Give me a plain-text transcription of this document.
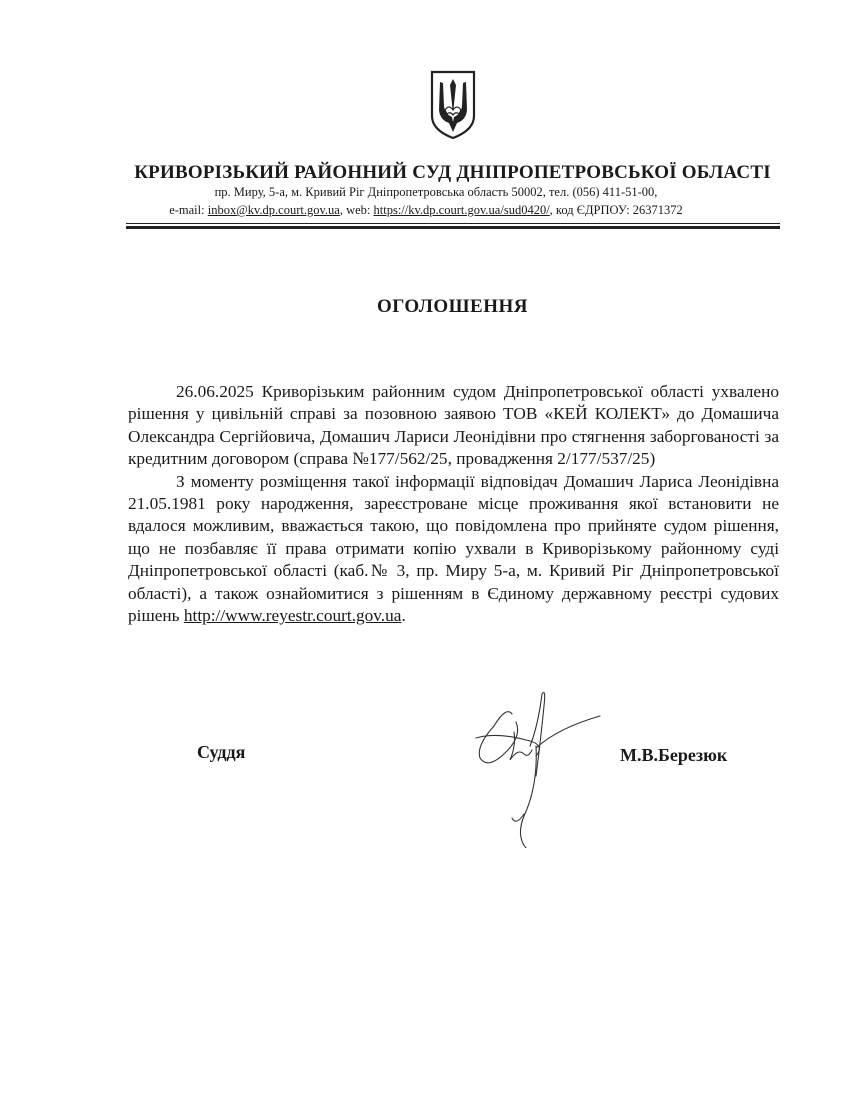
КРИВОРІЗЬКИЙ РАЙОННИЙ СУД ДНІПРОПЕТРОВСЬКОЇ ОБЛАСТІ
пр. Миру, 5-а, м. Кривий Ріг Дніпропетровська область 50002, тел. (056) 411-51-00,
e-mail: inbox@kv.dp.court.gov.ua, web: https://kv.dp.court.gov.ua/sud0420/, код ЄДРПОУ: 26371372
ОГОЛОШЕННЯ

26.06.2025 Криворізьким районним судом Дніпропетровської області ухвалено рішення у цивільній справі за позовною заявою ТОВ «КЕЙ КОЛЕКТ» до Домашича Олександра Сергійовича, Домашич Лариси Леонідівни про стягнення заборгованості за кредитним договором (справа №177/562/25, провадження 2/177/537/25)

З моменту розміщення такої інформації відповідач Домашич Лариса Леонідівна 21.05.1981 року народження, зареєстроване місце проживання якої встановити не вдалося можливим, вважається такою, що повідомлена про прийняте судом рішення, що не позбавляє її права отримати копію ухвали в Криворізькому районному суді Дніпропетровської області (каб.№ 3, пр. Миру 5-а, м. Кривий Ріг Дніпропетровської області), а також ознайомитися з рішенням в Єдиному державному реєстрі судових рішень http://www.reyestr.court.gov.ua.

Суддя	М.В.Березюк
